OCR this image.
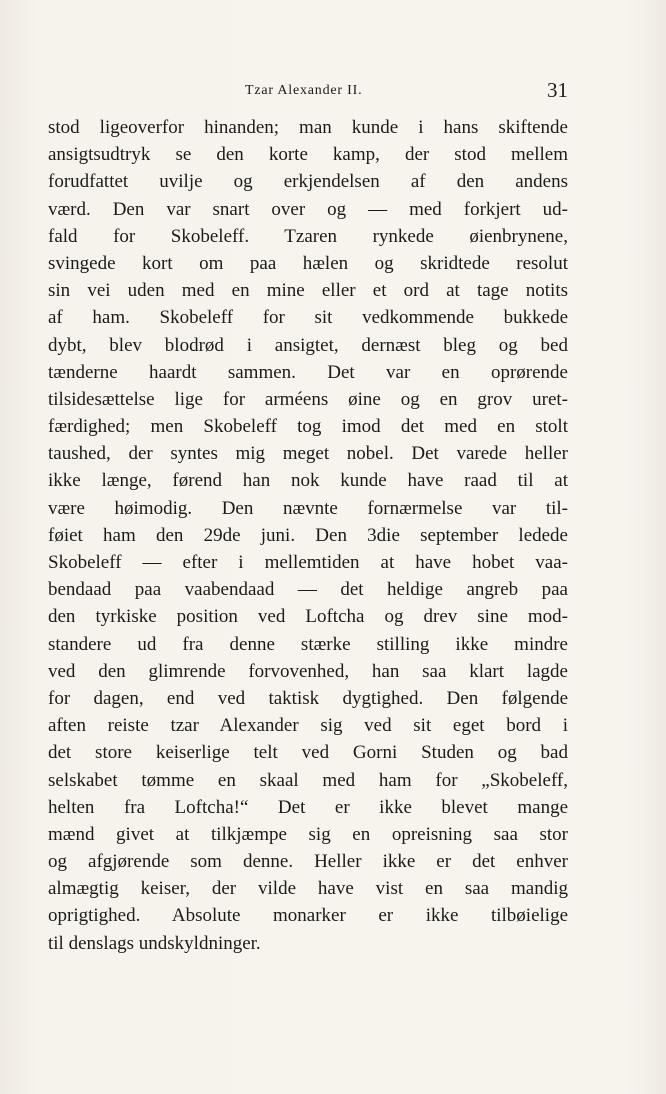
Tzar Alexander II.	31
stod ligeoverfor hinanden; man kunde i hans skiftende
ansigtsudtryk se den korte kamp, der stod mellem
forudfattet uvilje og erkjendelsen af den andens
værd. Den var snart over og — med forkjert ud-
fald for Skobeleff. Tzaren rynkede øienbrynene,
svingede kort om paa hælen og skridtede resolut
sin vei uden med en mine eller et ord at tage notits
af ham. Skobeleff for sit vedkommende bukkede
dybt, blev blodrød i ansigtet, dernæst bleg og bed
tænderne haardt sammen. Det var en oprørende
tilsidesættelse lige for arméens øine og en grov uret-
færdighed; men Skobeleff tog imod det med en stolt
taushed, der syntes mig meget nobel. Det varede heller
ikke længe, førend han nok kunde have raad til at
være høimodig. Den nævnte fornærmelse var til-
føiet ham den 29de juni. Den 3die september ledede
Skobeleff — efter i mellemtiden at have hobet vaa-
bendaad paa vaabendaad — det heldige angreb paa
den tyrkiske position ved Loftcha og drev sine mod-
standere ud fra denne stærke stilling ikke mindre
ved den glimrende forvovenhed, han saa klart lagde
for dagen, end ved taktisk dygtighed. Den følgende
aften reiste tzar Alexander sig ved sit eget bord i
det store keiserlige telt ved Gorni Studen og bad
selskabet tømme en skaal med ham for „Skobeleff,
helten fra Loftcha!“ Det er ikke blevet mange
mænd givet at tilkjæmpe sig en opreisning saa stor
og afgjørende som denne. Heller ikke er det enhver
almægtig keiser, der vilde have vist en saa mandig
oprigtighed. Absolute monarker er ikke tilbøielige
til denslags undskyldninger.
